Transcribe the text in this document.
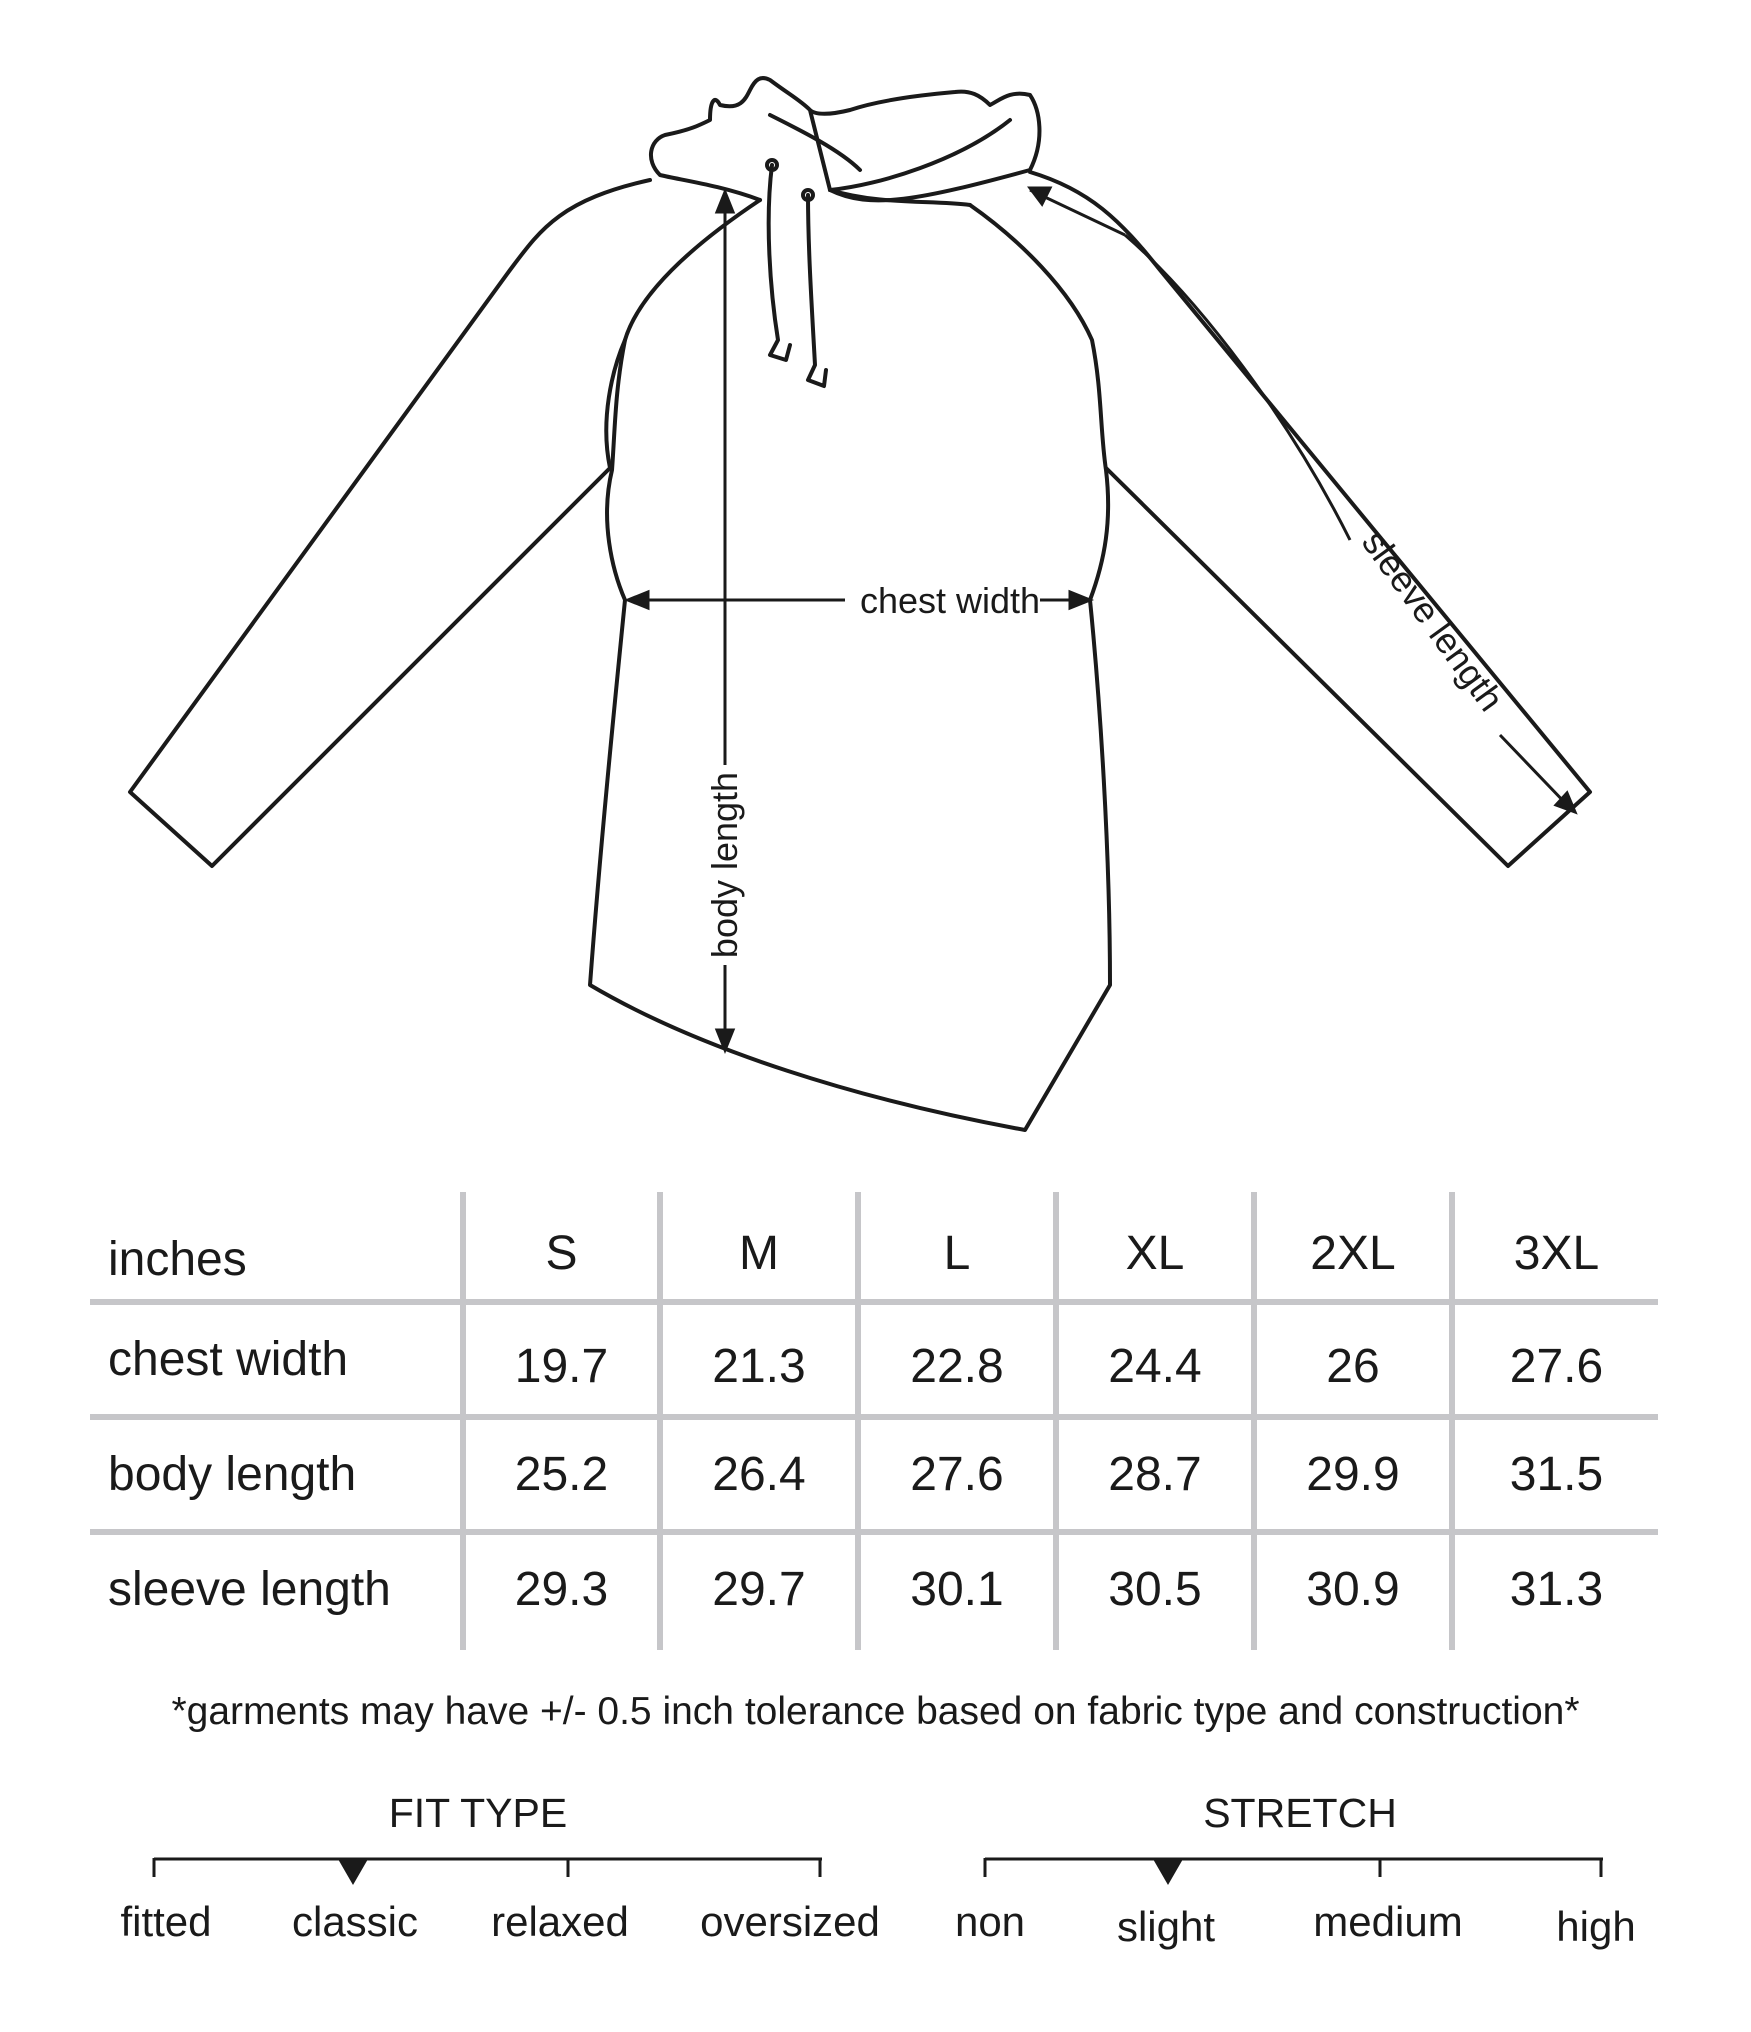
chest width
body length
sleeve length
inches	S	M	L	XL	2XL	3XL
chest width	19.7	21.3	22.8	24.4	26	27.6
body length	25.2	26.4	27.6	28.7	29.9	31.5
sleeve length	29.3	29.7	30.1	30.5	30.9	31.3
*garments may have +/- 0.5 inch tolerance based on fabric type and construction*
FIT TYPE	STRETCH
fitted classic relaxed oversized non slight medium high
